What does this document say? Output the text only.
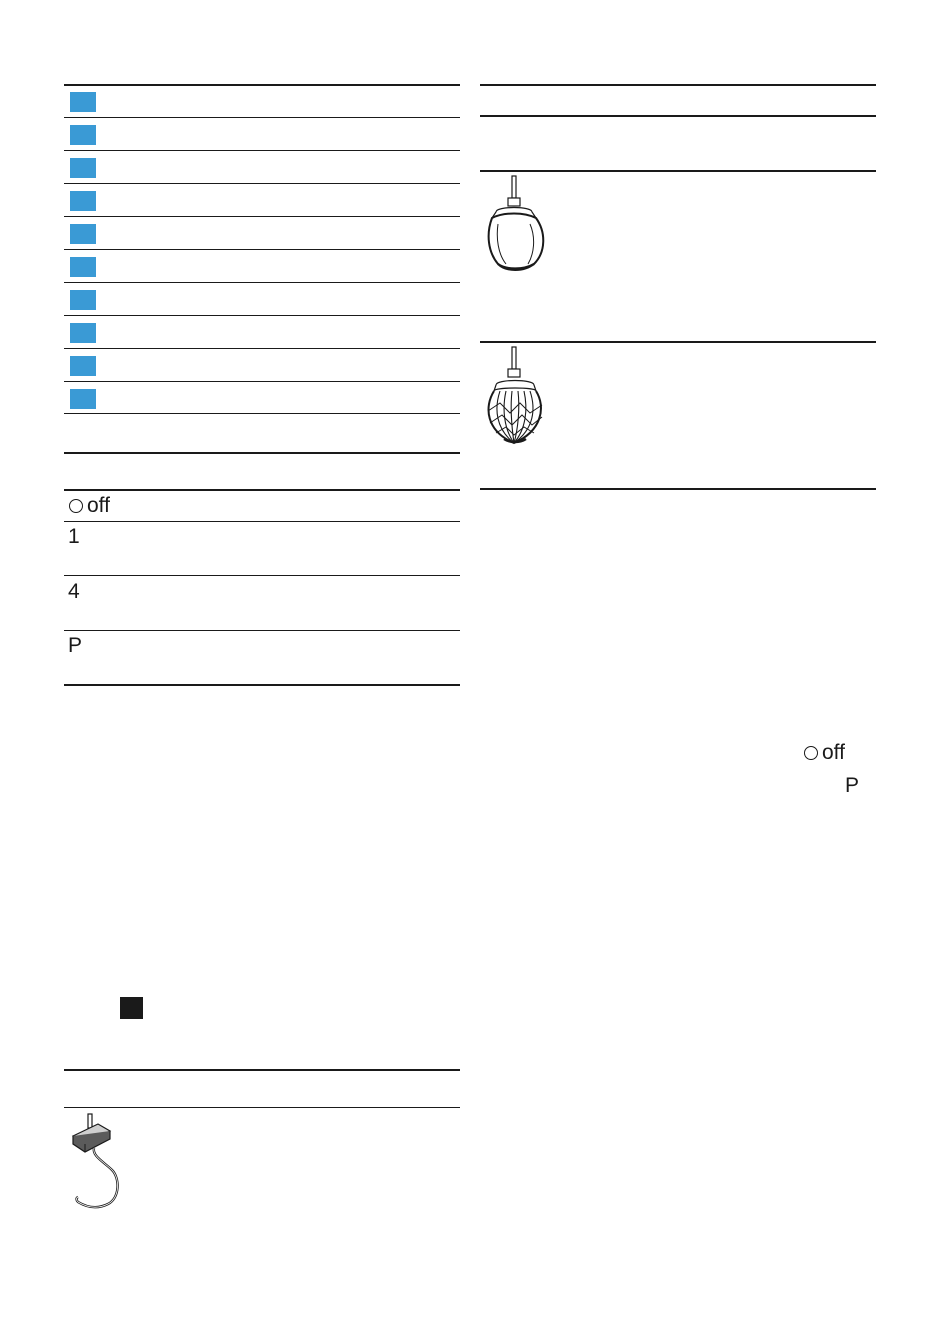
off
1
4
P
off
P
